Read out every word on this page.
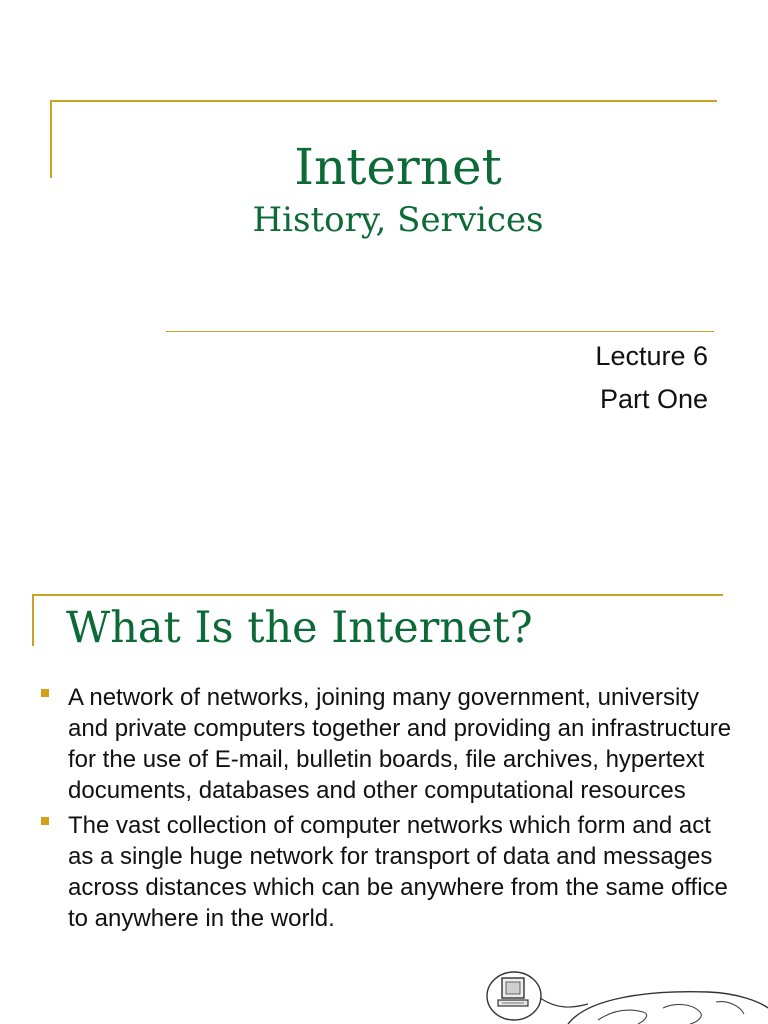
Internet
History, Services
Lecture 6
Part One
What Is the Internet?
A network of networks, joining many government, university and private computers together and providing an infrastructure for the use of E-mail, bulletin boards, file archives, hypertext documents, databases and other computational resources
The vast collection of computer networks which form and act as a single huge network for transport of data and messages across distances which can be anywhere from the same office to anywhere in the world.
